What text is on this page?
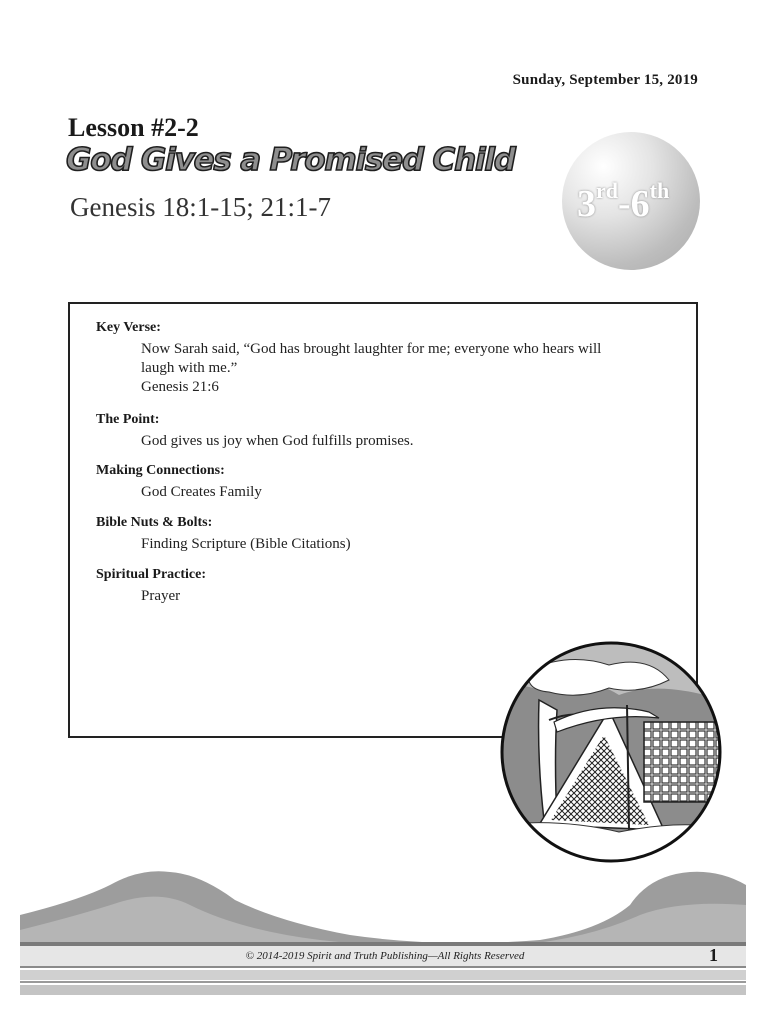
Sunday, September 15, 2019
Lesson #2-2
God Gives a Promised Child
Genesis 18:1-15; 21:1-7	3rd-6th
Key Verse:
Now Sarah said, “God has brought laughter for me; everyone who hears will
laugh with me.”
Genesis 21:6
The Point:
God gives us joy when God fulfills promises.
Making Connections:
God Creates Family
Bible Nuts & Bolts:
Finding Scripture (Bible Citations)
Spiritual Practice:
Prayer
© 2014-2019 Spirit and Truth Publishing—All Rights Reserved	1
